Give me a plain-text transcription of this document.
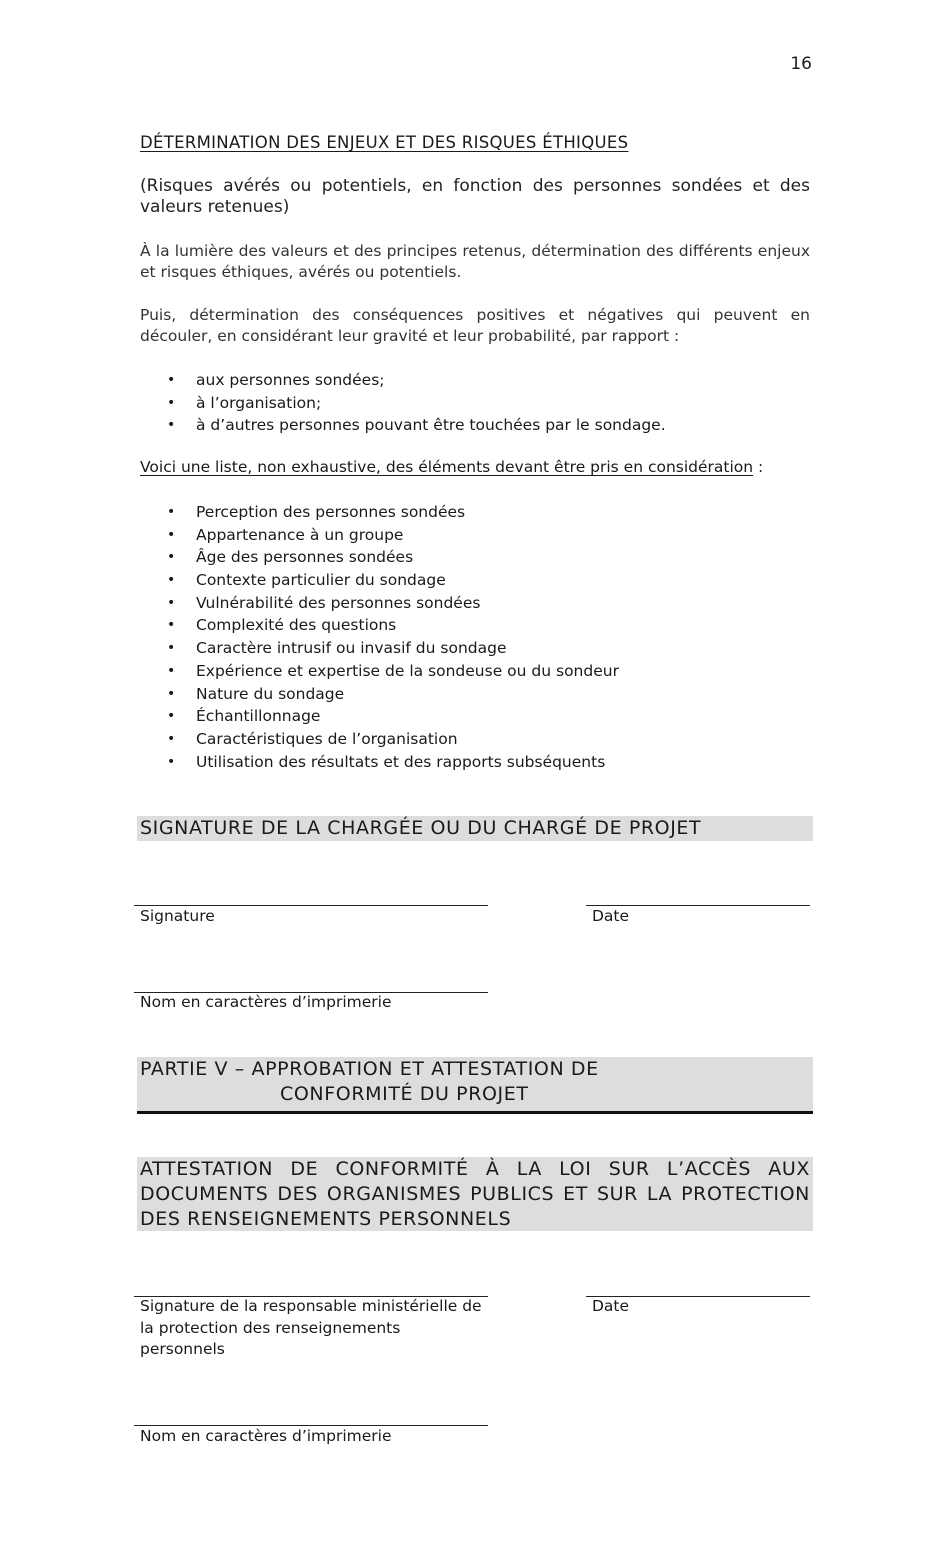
16
DÉTERMINATION DES ENJEUX ET DES RISQUES ÉTHIQUES
(Risques avérés ou potentiels, en fonction des personnes sondées et des valeurs retenues)
À la lumière des valeurs et des principes retenus, détermination des différents enjeux et risques éthiques, avérés ou potentiels.
Puis, détermination des conséquences positives et négatives qui peuvent en découler, en considérant leur gravité et leur probabilité, par rapport :
• aux personnes sondées;
• à l’organisation;
• à d’autres personnes pouvant être touchées par le sondage.
Voici une liste, non exhaustive, des éléments devant être pris en considération :
• Perception des personnes sondées
• Appartenance à un groupe
• Âge des personnes sondées
• Contexte particulier du sondage
• Vulnérabilité des personnes sondées
• Complexité des questions
• Caractère intrusif ou invasif du sondage
• Expérience et expertise de la sondeuse ou du sondeur
• Nature du sondage
• Échantillonnage
• Caractéristiques de l’organisation
• Utilisation des résultats et des rapports subséquents
SIGNATURE DE LA CHARGÉE OU DU CHARGÉ DE PROJET
Signature	Date
Nom en caractères d’imprimerie
PARTIE V – APPROBATION ET ATTESTATION DE
CONFORMITÉ DU PROJET
ATTESTATION DE CONFORMITÉ À LA LOI SUR L’ACCÈS AUX DOCUMENTS DES ORGANISMES PUBLICS ET SUR LA PROTECTION DES RENSEIGNEMENTS PERSONNELS
Signature de la responsable ministérielle de la protection des renseignements personnels
Date
Nom en caractères d’imprimerie
